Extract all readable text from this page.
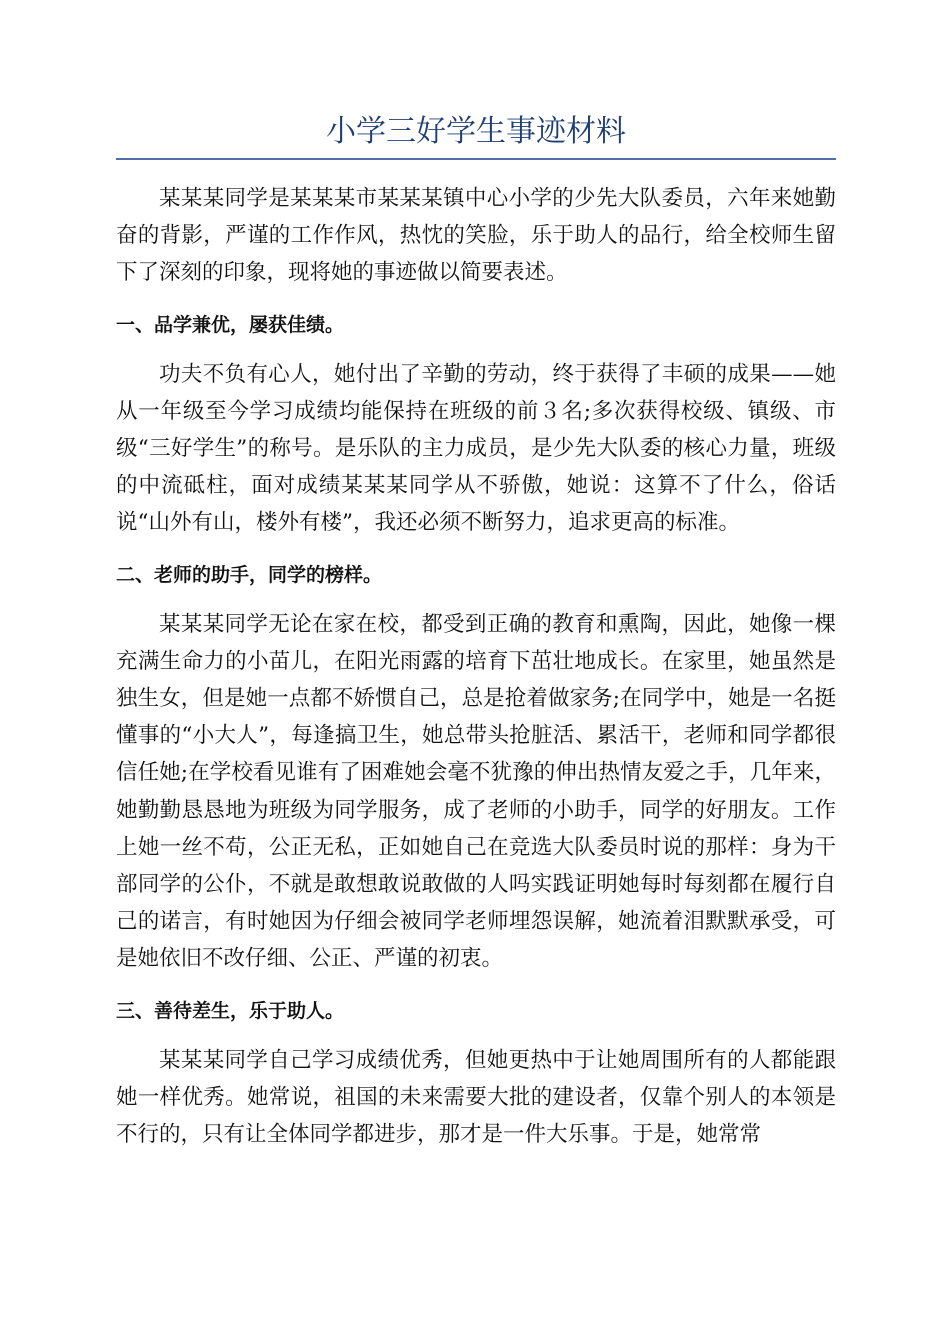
小学三好学生事迹材料

某某某同学是某某某市某某某镇中心小学的少先大队委员，六年来她勤奋的背影，严谨的工作作风，热忱的笑脸，乐于助人的品行，给全校师生留下了深刻的印象，现将她的事迹做以简要表述。

一、品学兼优，屡获佳绩。

功夫不负有心人，她付出了辛勤的劳动，终于获得了丰硕的成果——她从一年级至今学习成绩均能保持在班级的前３名;多次获得校级、镇级、市级“三好学生”的称号。是乐队的主力成员，是少先大队委的核心力量，班级的中流砥柱，面对成绩某某某同学从不骄傲，她说：这算不了什么，俗话说“山外有山，楼外有楼”，我还必须不断努力，追求更高的标准。

二、老师的助手，同学的榜样。

某某某同学无论在家在校，都受到正确的教育和熏陶，因此，她像一棵充满生命力的小苗儿，在阳光雨露的培育下茁壮地成长。在家里，她虽然是独生女，但是她一点都不娇惯自己，总是抢着做家务;在同学中，她是一名挺懂事的“小大人”，每逢搞卫生，她总带头抢脏活、累活干，老师和同学都很信任她;在学校看见谁有了困难她会毫不犹豫的伸出热情友爱之手，几年来，她勤勤恳恳地为班级为同学服务，成了老师的小助手，同学的好朋友。工作上她一丝不苟，公正无私，正如她自己在竞选大队委员时说的那样：身为干部同学的公仆，不就是敢想敢说敢做的人吗实践证明她每时每刻都在履行自己的诺言，有时她因为仔细会被同学老师埋怨误解，她流着泪默默承受，可是她依旧不改仔细、公正、严谨的初衷。

三、善待差生，乐于助人。

某某某同学自己学习成绩优秀，但她更热中于让她周围所有的人都能跟她一样优秀。她常说，祖国的未来需要大批的建设者，仅靠个别人的本领是不行的，只有让全体同学都进步，那才是一件大乐事。于是，她常常
